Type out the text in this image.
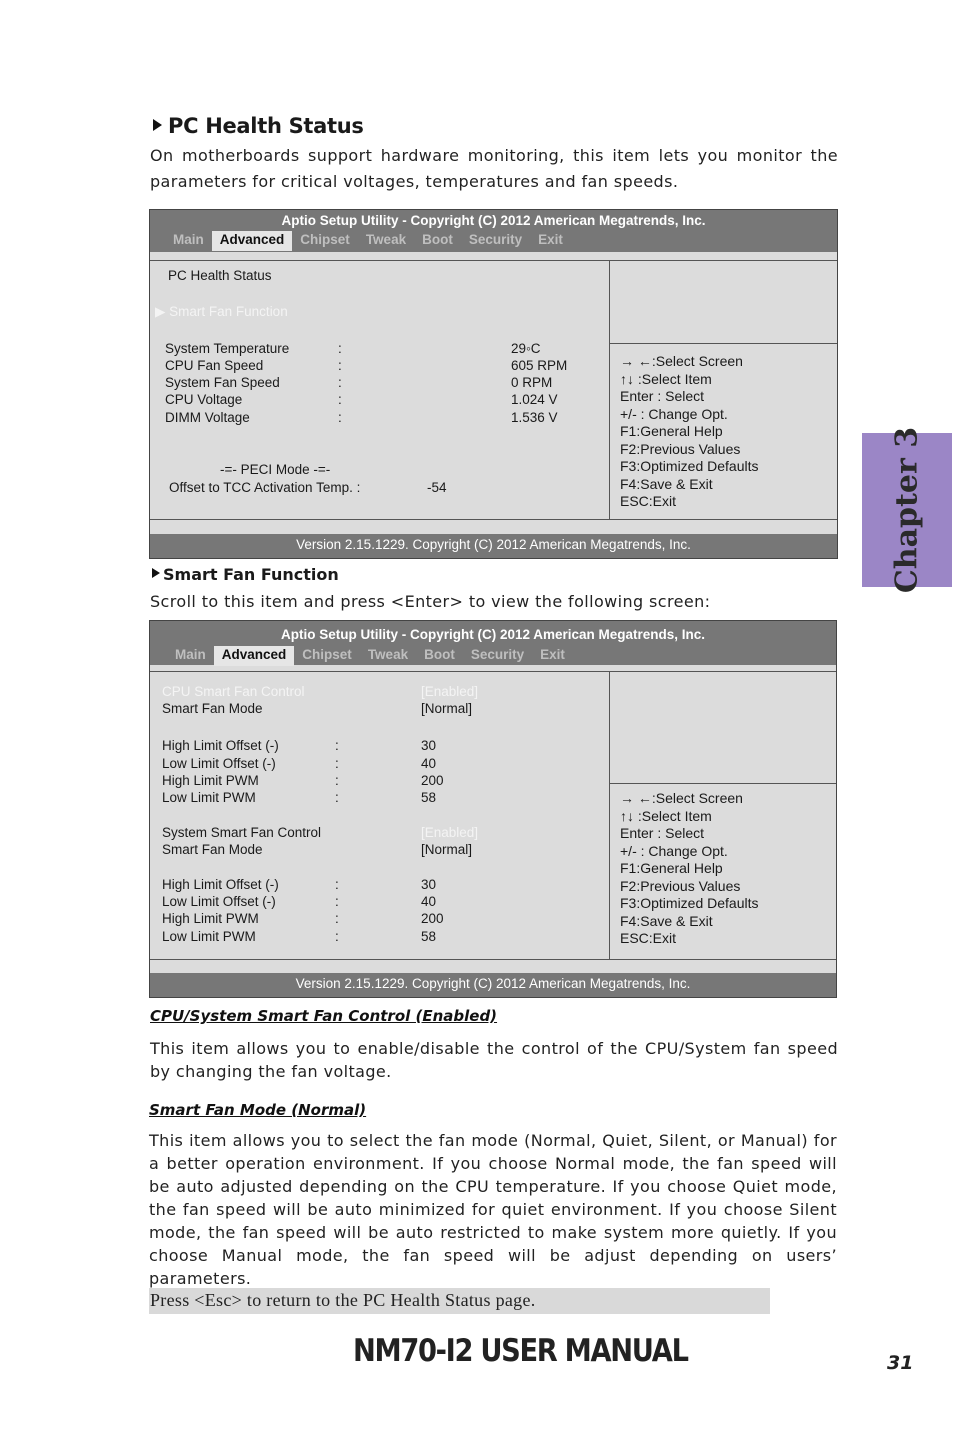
PC Health Status
On motherboards support hardware monitoring, this item lets you monitor the parameters for critical voltages, temperatures and fan speeds.
Aptio Setup Utility - Copyright (C) 2012 American Megatrends, Inc.
Main	Advanced	Chipset	Tweak	Boot	Security	Exit
PC Health Status
▶ Smart Fan Function
System Temperature	:	29◦C
CPU Fan Speed	:	605 RPM
System Fan Speed	:	0 RPM
CPU Voltage	:	1.024 V
DIMM Voltage	:	1.536 V
-=- PECI Mode -=-
Offset to TCC Activation Temp. :	-54
→ ←:Select Screen
↑↓ :Select Item
Enter : Select
+/- : Change Opt.
F1:General Help
F2:Previous Values
F3:Optimized Defaults
F4:Save & Exit
ESC:Exit
Version 2.15.1229. Copyright (C) 2012 American Megatrends, Inc.
Smart Fan Function
Scroll to this item and press <Enter> to view the following screen:
Aptio Setup Utility - Copyright (C) 2012 American Megatrends, Inc.
Main	Advanced	Chipset	Tweak	Boot	Security	Exit
CPU Smart Fan Control	[Enabled]
Smart Fan Mode	[Normal]
High Limit Offset (-)	:	30
Low Limit Offset (-)	:	40
High Limit PWM	:	200
Low Limit PWM	:	58
System Smart Fan Control	[Enabled]
Smart Fan Mode	[Normal]
High Limit Offset (-)	:	30
Low Limit Offset (-)	:	40
High Limit PWM	:	200
Low Limit PWM	:	58
→ ←:Select Screen
↑↓ :Select Item
Enter : Select
+/- : Change Opt.
F1:General Help
F2:Previous Values
F3:Optimized Defaults
F4:Save & Exit
ESC:Exit
Version 2.15.1229. Copyright (C) 2012 American Megatrends, Inc.
CPU/System Smart Fan Control (Enabled)
This item allows you to enable/disable the control of the CPU/System fan speed by changing the fan voltage.
Smart Fan Mode (Normal)
This item allows you to select the fan mode (Normal, Quiet, Silent, or Manual) for a better operation environment. If you choose Normal mode, the fan speed will be auto adjusted depending on the CPU temperature. If you choose Quiet mode, the fan speed will be auto minimized for quiet environment. If you choose Silent mode, the fan speed will be auto restricted to make system more quietly. If you choose Manual mode, the fan speed will be adjust depending on users’ parameters.
Press <Esc> to return to the PC Health Status page.
Chapter 3
NM70-I2 USER MANUAL	31
